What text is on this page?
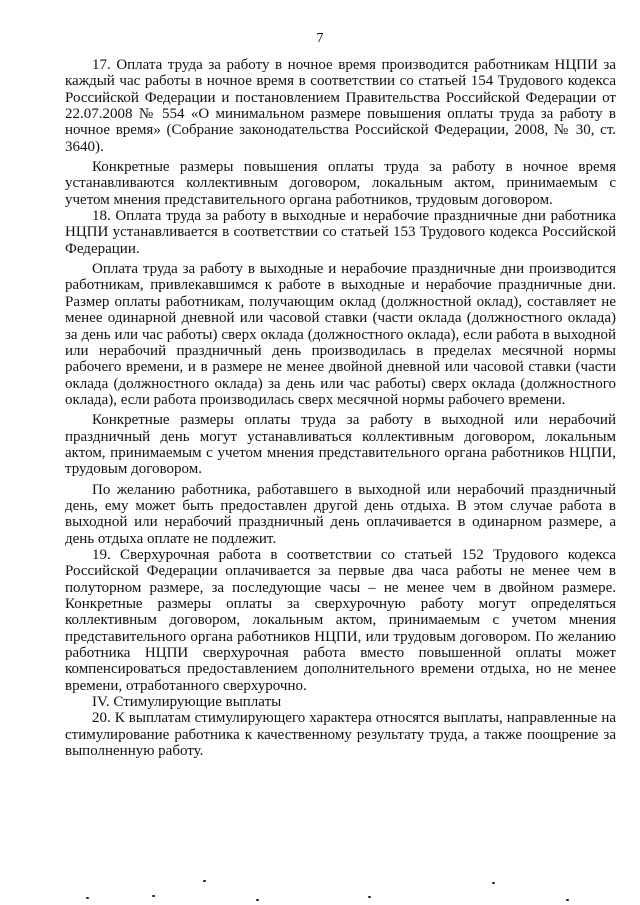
7

17. Оплата труда за работу в ночное время производится работникам НЦПИ за каждый час работы в ночное время в соответствии со статьей 154 Трудового кодекса Российской Федерации и постановлением Правительства Российской Федерации от 22.07.2008 № 554 «О минимальном размере повышения оплаты труда за работу в ночное время» (Собрание законодательства Российской Федерации, 2008, № 30, ст. 3640).

Конкретные размеры повышения оплаты труда за работу в ночное время устанавливаются коллективным договором, локальным актом, принимаемым с учетом мнения представительного органа работников, трудовым договором.

18. Оплата труда за работу в выходные и нерабочие праздничные дни работника НЦПИ устанавливается в соответствии со статьей 153 Трудового кодекса Российской Федерации.

Оплата труда за работу в выходные и нерабочие праздничные дни производится работникам, привлекавшимся к работе в выходные и нерабочие праздничные дни. Размер оплаты работникам, получающим оклад (должностной оклад), составляет не менее одинарной дневной или часовой ставки (части оклада (должностного оклада) за день или час работы) сверх оклада (должностного оклада), если работа в выходной или нерабочий праздничный день производилась в пределах месячной нормы рабочего времени, и в размере не менее двойной дневной или часовой ставки (части оклада (должностного оклада) за день или час работы) сверх оклада (должностного оклада), если работа производилась сверх месячной нормы рабочего времени.

Конкретные размеры оплаты труда за работу в выходной или нерабочий праздничный день могут устанавливаться коллективным договором, локальным актом, принимаемым с учетом мнения представительного органа работников НЦПИ, трудовым договором.

По желанию работника, работавшего в выходной или нерабочий праздничный день, ему может быть предоставлен другой день отдыха. В этом случае работа в выходной или нерабочий праздничный день оплачивается в одинарном размере, а день отдыха оплате не подлежит.

19. Сверхурочная работа в соответствии со статьей 152 Трудового кодекса Российской Федерации оплачивается за первые два часа работы не менее чем в полуторном размере, за последующие часы – не менее чем в двойном размере. Конкретные размеры оплаты за сверхурочную работу могут определяться коллективным договором, локальным актом, принимаемым с учетом мнения представительного органа работников НЦПИ, или трудовым договором. По желанию работника НЦПИ сверхурочная работа вместо повышенной оплаты может компенсироваться предоставлением дополнительного времени отдыха, но не менее времени, отработанного сверхурочно.

IV. Стимулирующие выплаты

20. К выплатам стимулирующего характера относятся выплаты, направленные на стимулирование работника к качественному результату труда, а также поощрение за выполненную работу.
